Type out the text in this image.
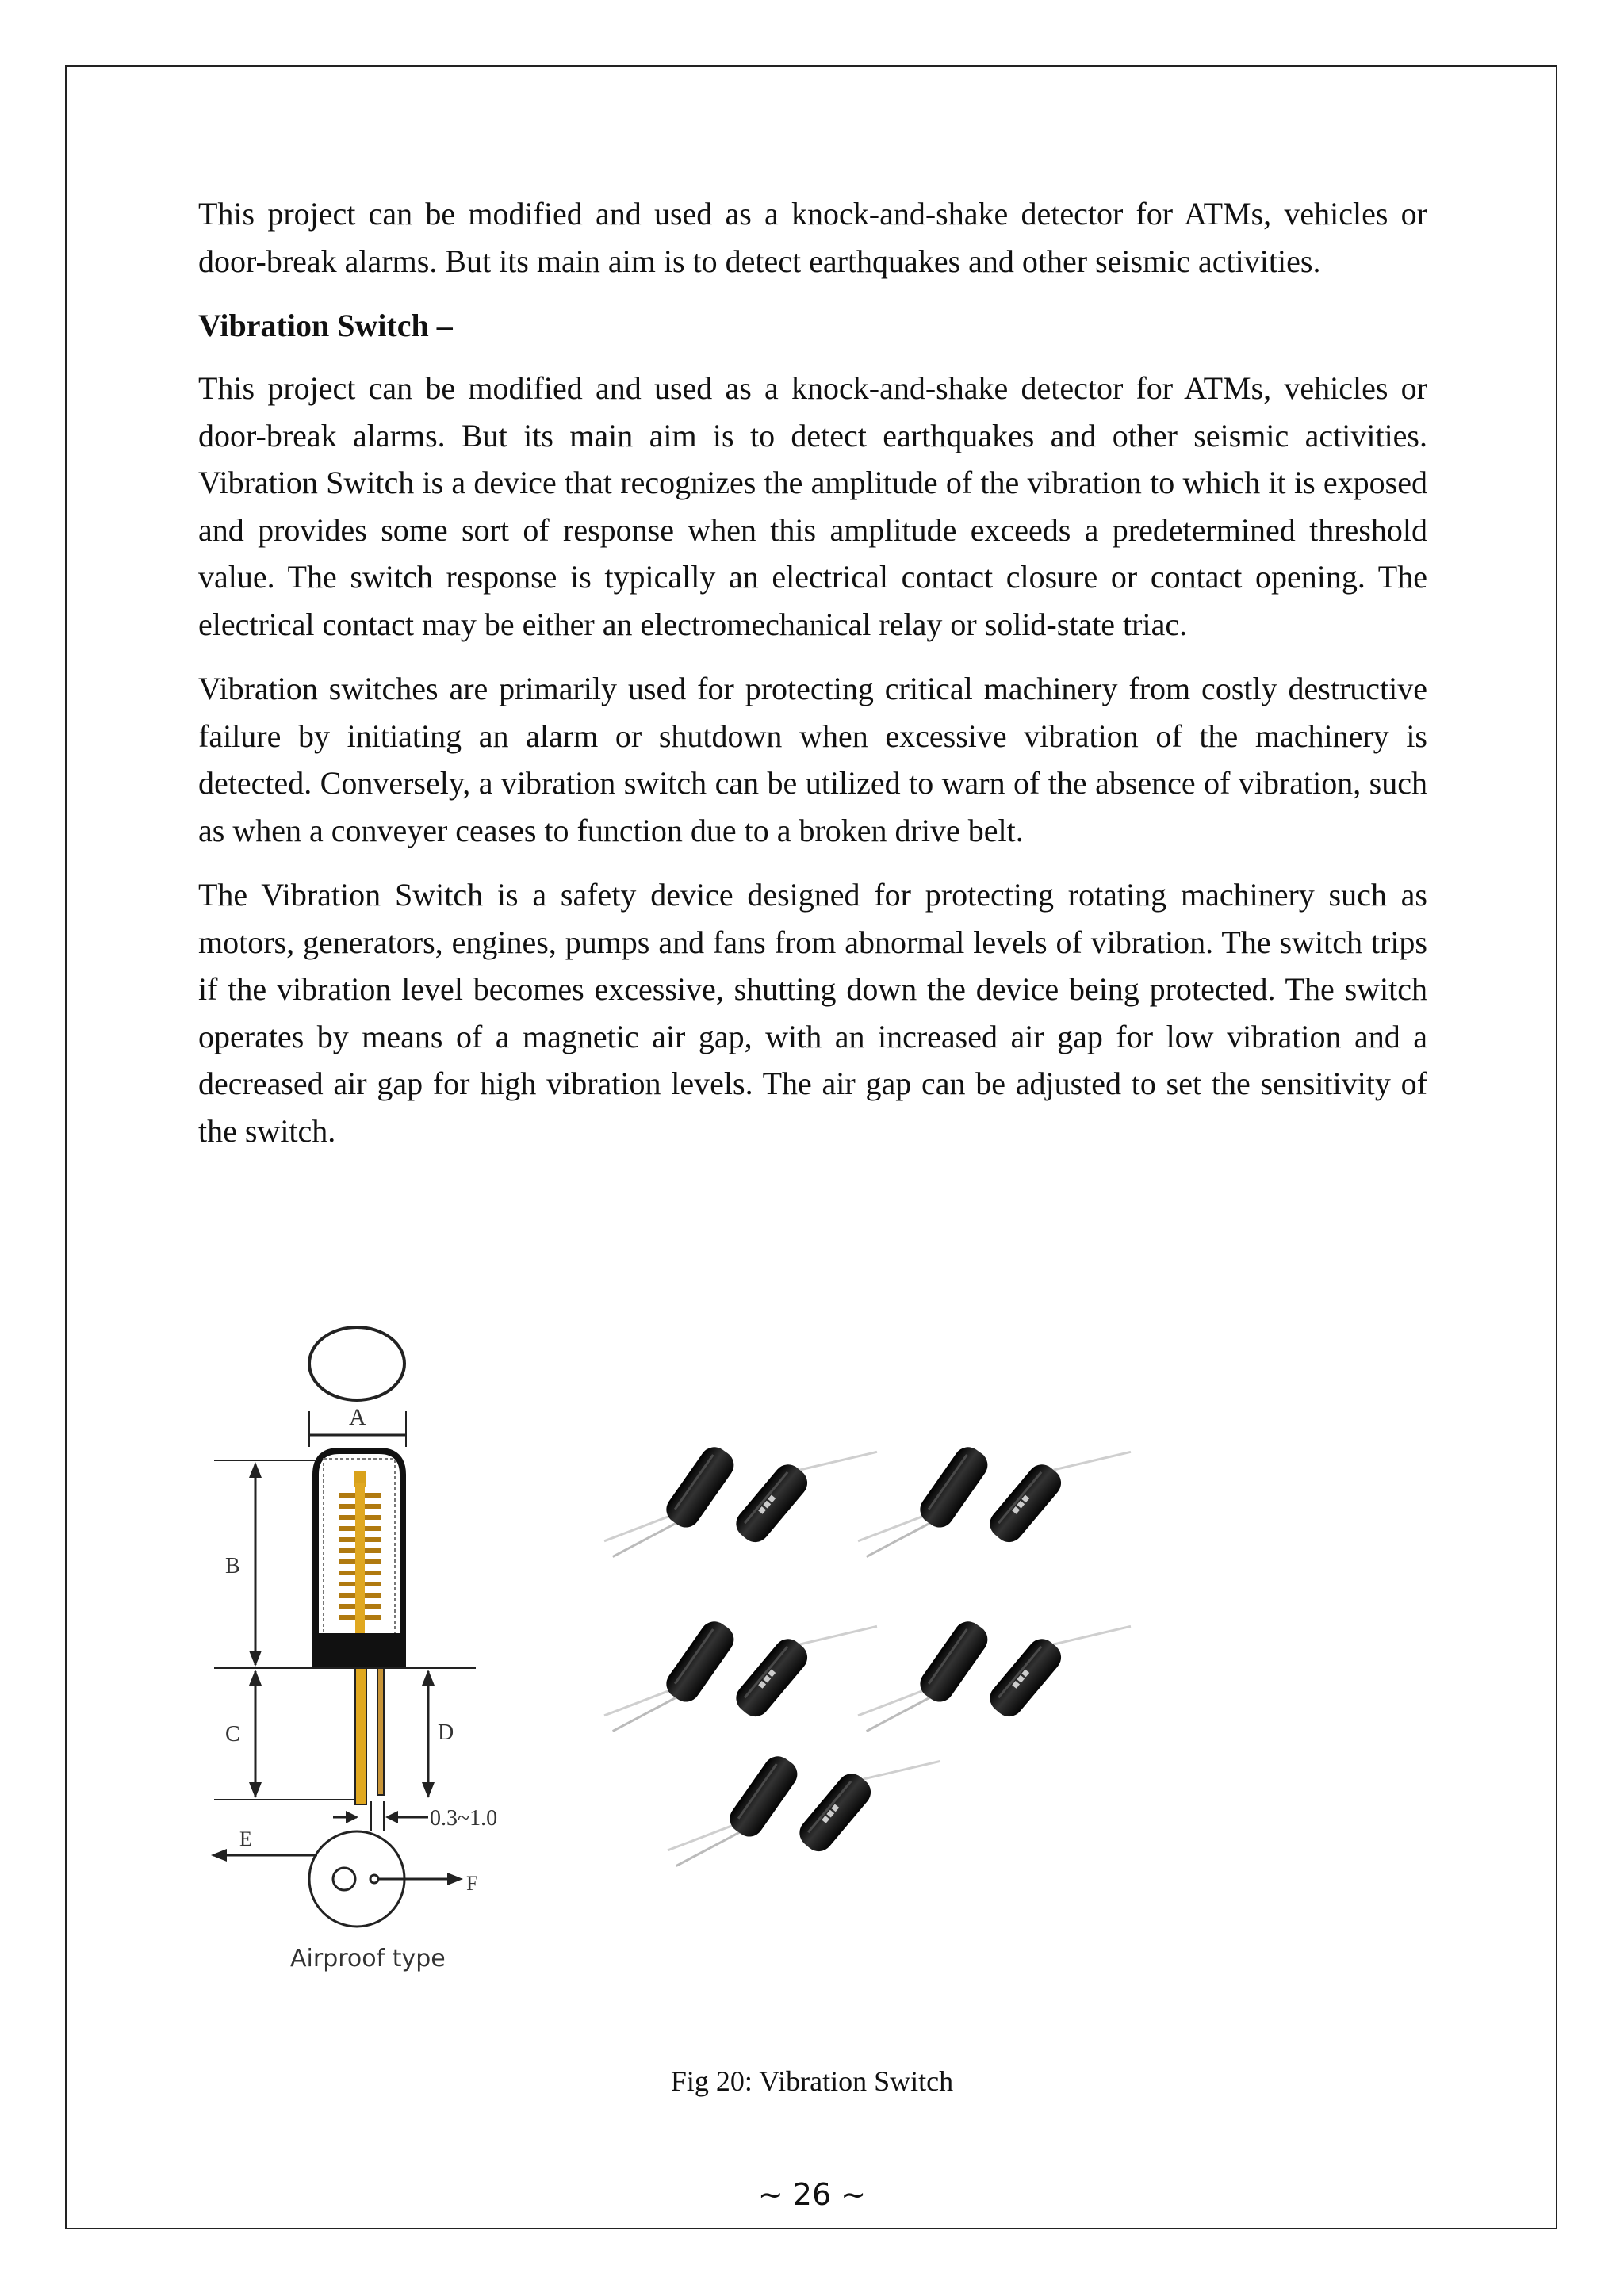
This project can be modified and used as a knock-and-shake detector for ATMs, vehicles or door-break alarms. But its main aim is to detect earthquakes and other seismic activities.

Vibration Switch –

This project can be modified and used as a knock-and-shake detector for ATMs, vehicles or door-break alarms. But its main aim is to detect earthquakes and other seismic activities. Vibration Switch is a device that recognizes the amplitude of the vibration to which it is exposed and provides some sort of response when this amplitude exceeds a predetermined threshold value. The switch response is typically an electrical contact closure or contact opening. The electrical contact may be either an electromechanical relay or solid-state triac.

Vibration switches are primarily used for protecting critical machinery from costly destructive failure by initiating an alarm or shutdown when excessive vibration of the machinery is detected. Conversely, a vibration switch can be utilized to warn of the absence of vibration, such as when a conveyer ceases to function due to a broken drive belt.

The Vibration Switch is a safety device designed for protecting rotating machinery such as motors, generators, engines, pumps and fans from abnormal levels of vibration. The switch trips if the vibration level becomes excessive, shutting down the device being protected. The switch operates by means of a magnetic air gap, with an increased air gap for low vibration and a decreased air gap for high vibration levels. The air gap can be adjusted to set the sensitivity of the switch.

A
B
C	D
0.3~1.0
E
F
Airproof type
▪▪▪
Fig 20: Vibration Switch
~ 26 ~
